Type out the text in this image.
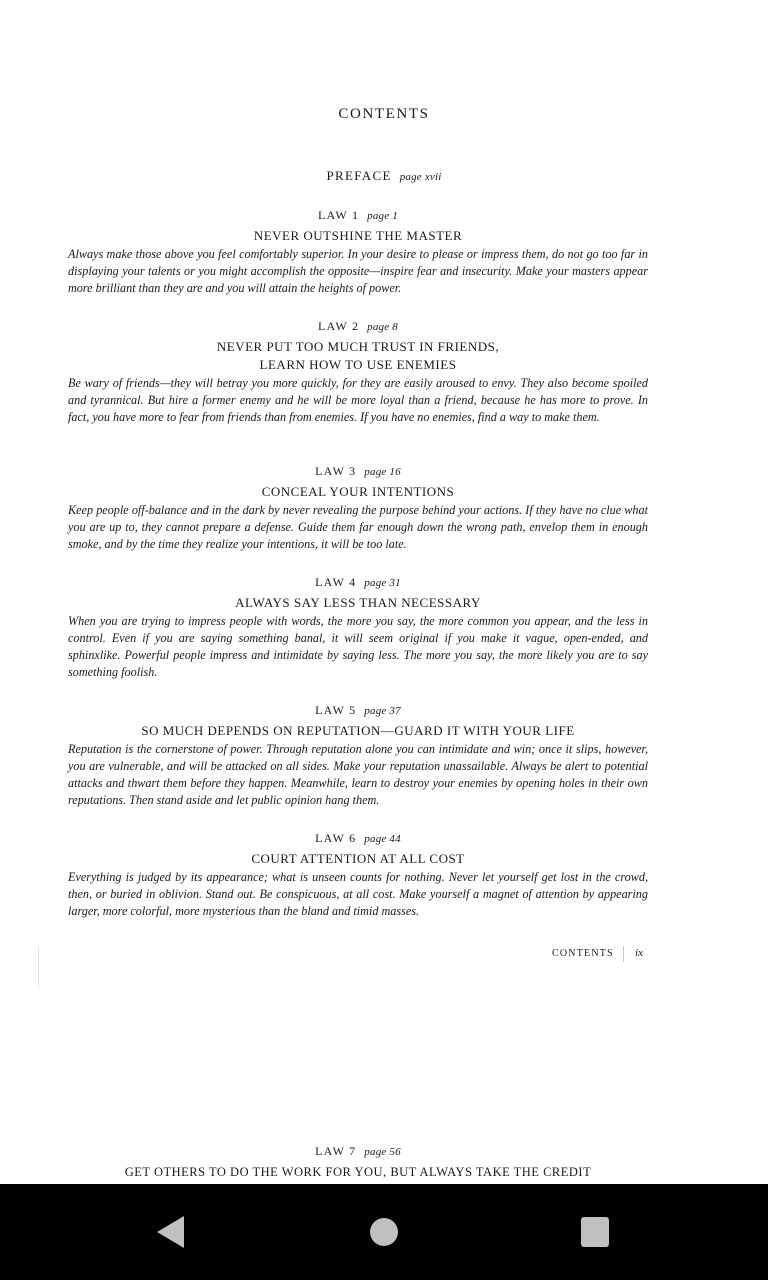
CONTENTS
PREFACE page xvii
LAW 1 page 1
NEVER OUTSHINE THE MASTER
Always make those above you feel comfortably superior. In your desire to please or impress them, do not go too far in displaying your talents or you might accomplish the opposite—inspire fear and insecurity. Make your masters appear more brilliant than they are and you will attain the heights of power.
LAW 2 page 8
NEVER PUT TOO MUCH TRUST IN FRIENDS,
LEARN HOW TO USE ENEMIES
Be wary of friends—they will betray you more quickly, for they are easily aroused to envy. They also become spoiled and tyrannical. But hire a former enemy and he will be more loyal than a friend, because he has more to prove. In fact, you have more to fear from friends than from enemies. If you have no enemies, find a way to make them.
LAW 3 page 16
CONCEAL YOUR INTENTIONS
Keep people off-balance and in the dark by never revealing the purpose behind your actions. If they have no clue what you are up to, they cannot prepare a defense. Guide them far enough down the wrong path, envelop them in enough smoke, and by the time they realize your intentions, it will be too late.
LAW 4 page 31
ALWAYS SAY LESS THAN NECESSARY
When you are trying to impress people with words, the more you say, the more common you appear, and the less in control. Even if you are saying something banal, it will seem original if you make it vague, open-ended, and sphinxlike. Powerful people impress and intimidate by saying less. The more you say, the more likely you are to say something foolish.
LAW 5 page 37
SO MUCH DEPENDS ON REPUTATION—GUARD IT WITH YOUR LIFE
Reputation is the cornerstone of power. Through reputation alone you can intimidate and win; once it slips, however, you are vulnerable, and will be attacked on all sides. Make your reputation unassailable. Always be alert to potential attacks and thwart them before they happen. Meanwhile, learn to destroy your enemies by opening holes in their own reputations. Then stand aside and let public opinion hang them.
LAW 6 page 44
COURT ATTENTION AT ALL COST
Everything is judged by its appearance; what is unseen counts for nothing. Never let yourself get lost in the crowd, then, or buried in oblivion. Stand out. Be conspicuous, at all cost. Make yourself a magnet of attention by appearing larger, more colorful, more mysterious than the bland and timid masses.
CONTENTS ix
LAW 7 page 56
GET OTHERS TO DO THE WORK FOR YOU, BUT ALWAYS TAKE THE CREDIT
